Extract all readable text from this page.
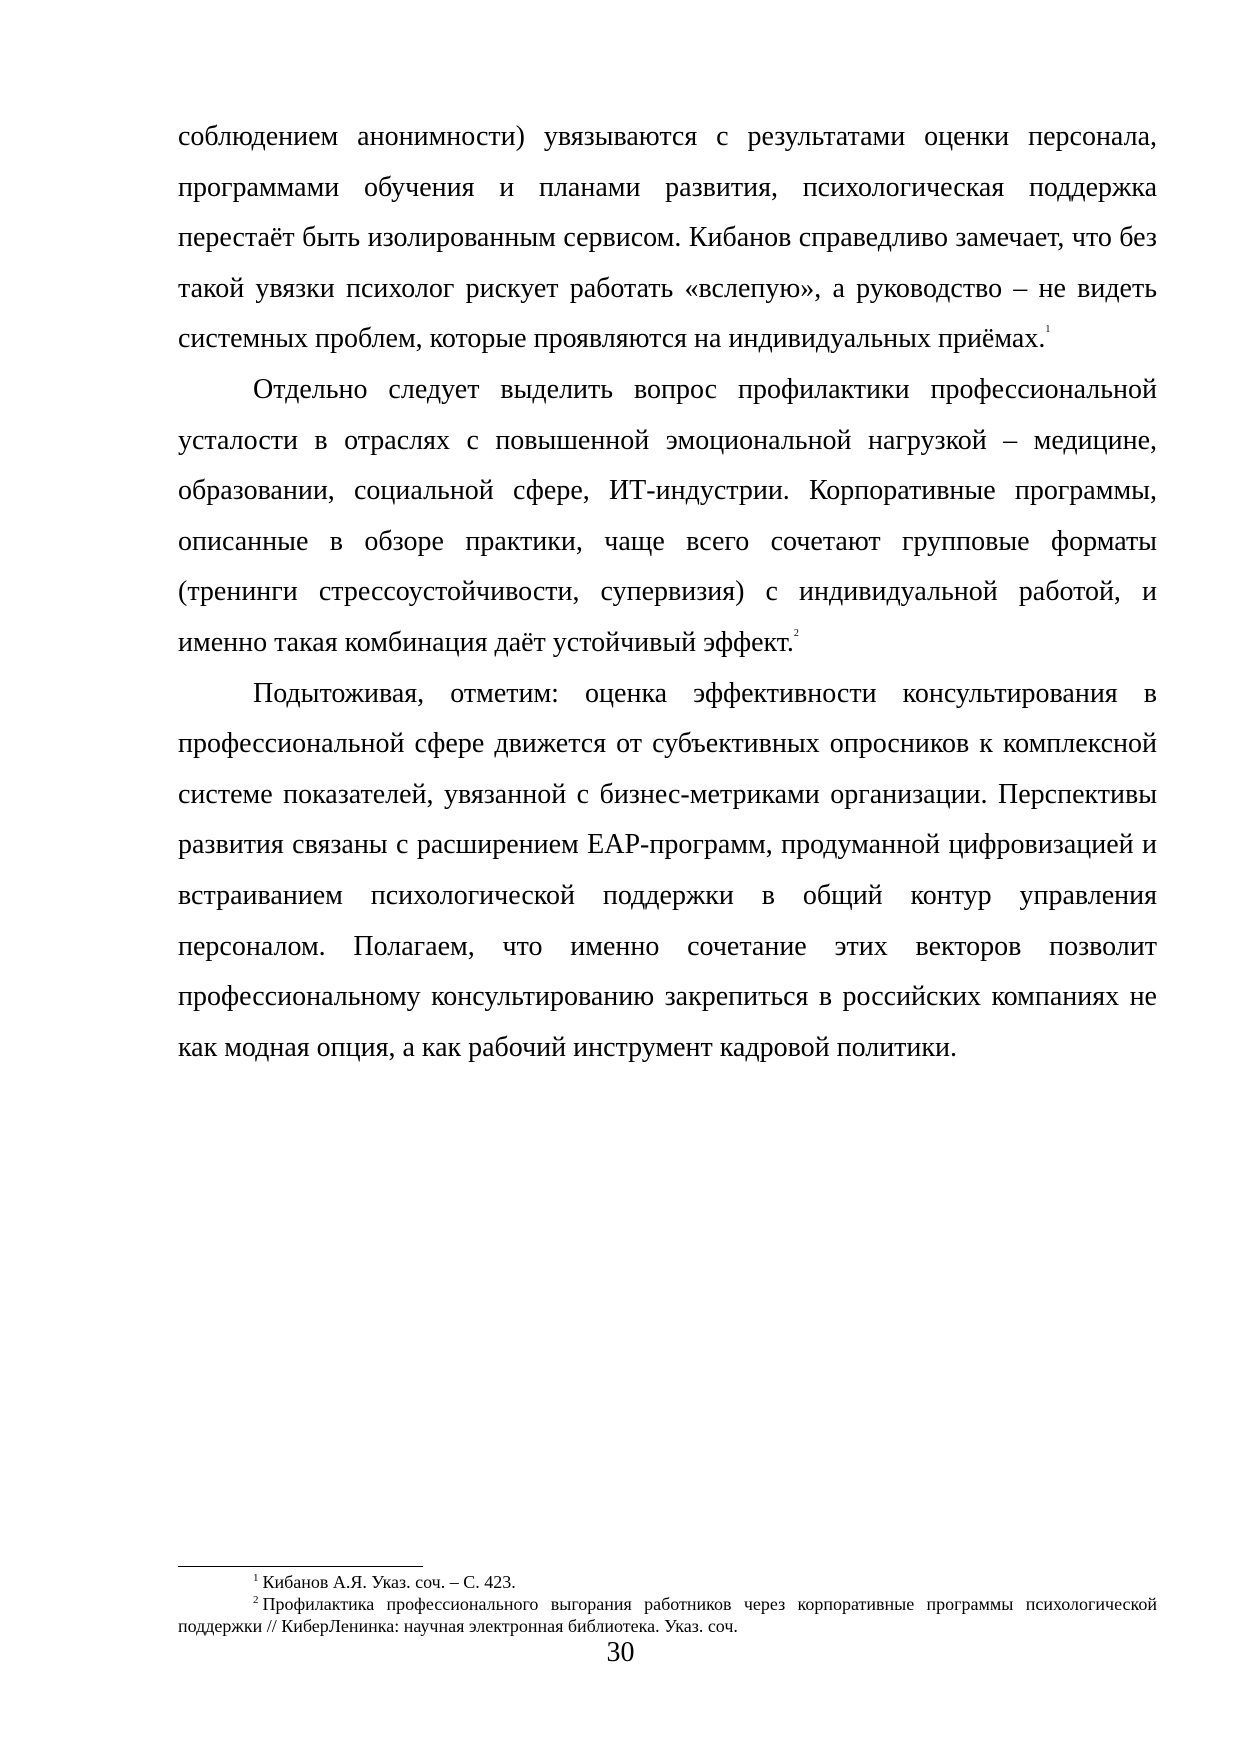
соблюдением анонимности) увязываются с результатами оценки персонала, программами обучения и планами развития, психологическая поддержка перестаёт быть изолированным сервисом. Кибанов справедливо замечает, что без такой увязки психолог рискует работать «вслепую», а руководство – не видеть системных проблем, которые проявляются на индивидуальных приёмах.$^1$

Отдельно следует выделить вопрос профилактики профессиональной усталости в отраслях с повышенной эмоциональной нагрузкой – медицине, образовании, социальной сфере, ИТ-индустрии. Корпоративные программы, описанные в обзоре практики, чаще всего сочетают групповые форматы (тренинги стрессоустойчивости, супервизия) с индивидуальной работой, и именно такая комбинация даёт устойчивый эффект.$^2$

Подытоживая, отметим: оценка эффективности консультирования в профессиональной сфере движется от субъективных опросников к комплексной системе показателей, увязанной с бизнес-метриками организации. Перспективы развития связаны с расширением EAP-программ, продуманной цифровизацией и встраиванием психологической поддержки в общий контур управления персоналом. Полагаем, что именно сочетание этих векторов позволит профессиональному консультированию закрепиться в российских компаниях не как модная опция, а как рабочий инструмент кадровой политики.

$^1$ Кибанов А.Я. Указ. соч. – С. 423.

$^2$ Профилактика профессионального выгорания работников через корпоративные программы психологической поддержки // КиберЛенинка: научная электронная библиотека. Указ. соч.

30
